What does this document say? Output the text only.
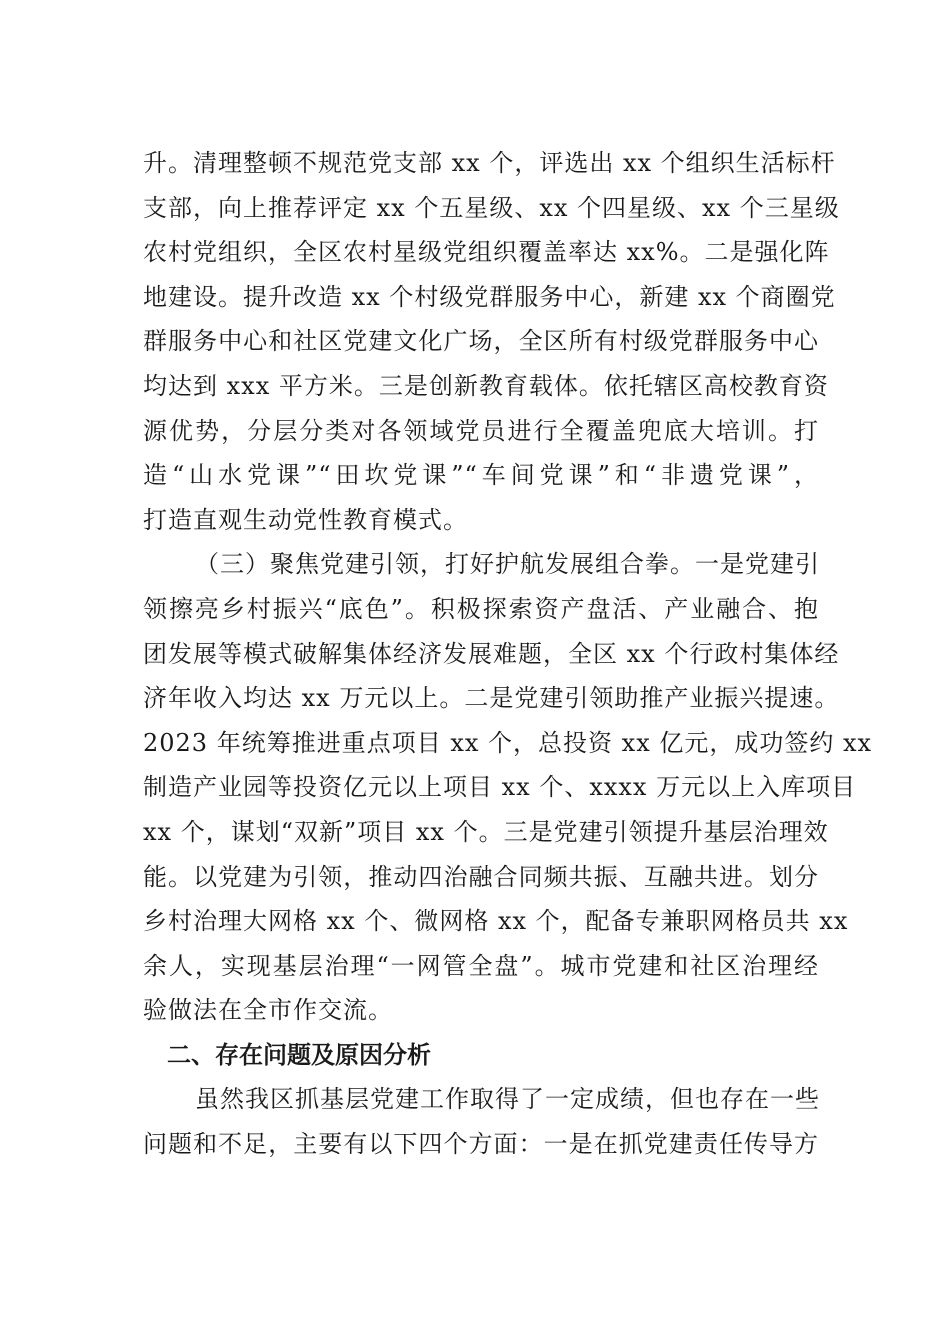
升。清理整顿不规范党支部 xx 个，评选出 xx 个组织生活标杆
支部，向上推荐评定 xx 个五星级、xx 个四星级、xx 个三星级
农村党组织，全区农村星级党组织覆盖率达 xx%。二是强化阵
地建设。提升改造 xx 个村级党群服务中心，新建 xx 个商圈党
群服务中心和社区党建文化广场，全区所有村级党群服务中心
均达到 xxx 平方米。三是创新教育载体。依托辖区高校教育资
源优势，分层分类对各领域党员进行全覆盖兜底大培训。打
造“山水党课”“田坎党课”“车间党课”和“非遗党课”，
打造直观生动党性教育模式。
（三）聚焦党建引领，打好护航发展组合拳。一是党建引
领擦亮乡村振兴“底色”。积极探索资产盘活、产业融合、抱
团发展等模式破解集体经济发展难题，全区 xx 个行政村集体经
济年收入均达 xx 万元以上。二是党建引领助推产业振兴提速。
2023 年统筹推进重点项目 xx 个，总投资 xx 亿元，成功签约 xx
制造产业园等投资亿元以上项目 xx 个、xxxx 万元以上入库项目
xx 个，谋划“双新”项目 xx 个。三是党建引领提升基层治理效
能。以党建为引领，推动四治融合同频共振、互融共进。划分
乡村治理大网格 xx 个、微网格 xx 个，配备专兼职网格员共 xx
余人，实现基层治理“一网管全盘”。城市党建和社区治理经
验做法在全市作交流。
二、存在问题及原因分析
虽然我区抓基层党建工作取得了一定成绩，但也存在一些
问题和不足，主要有以下四个方面：一是在抓党建责任传导方
